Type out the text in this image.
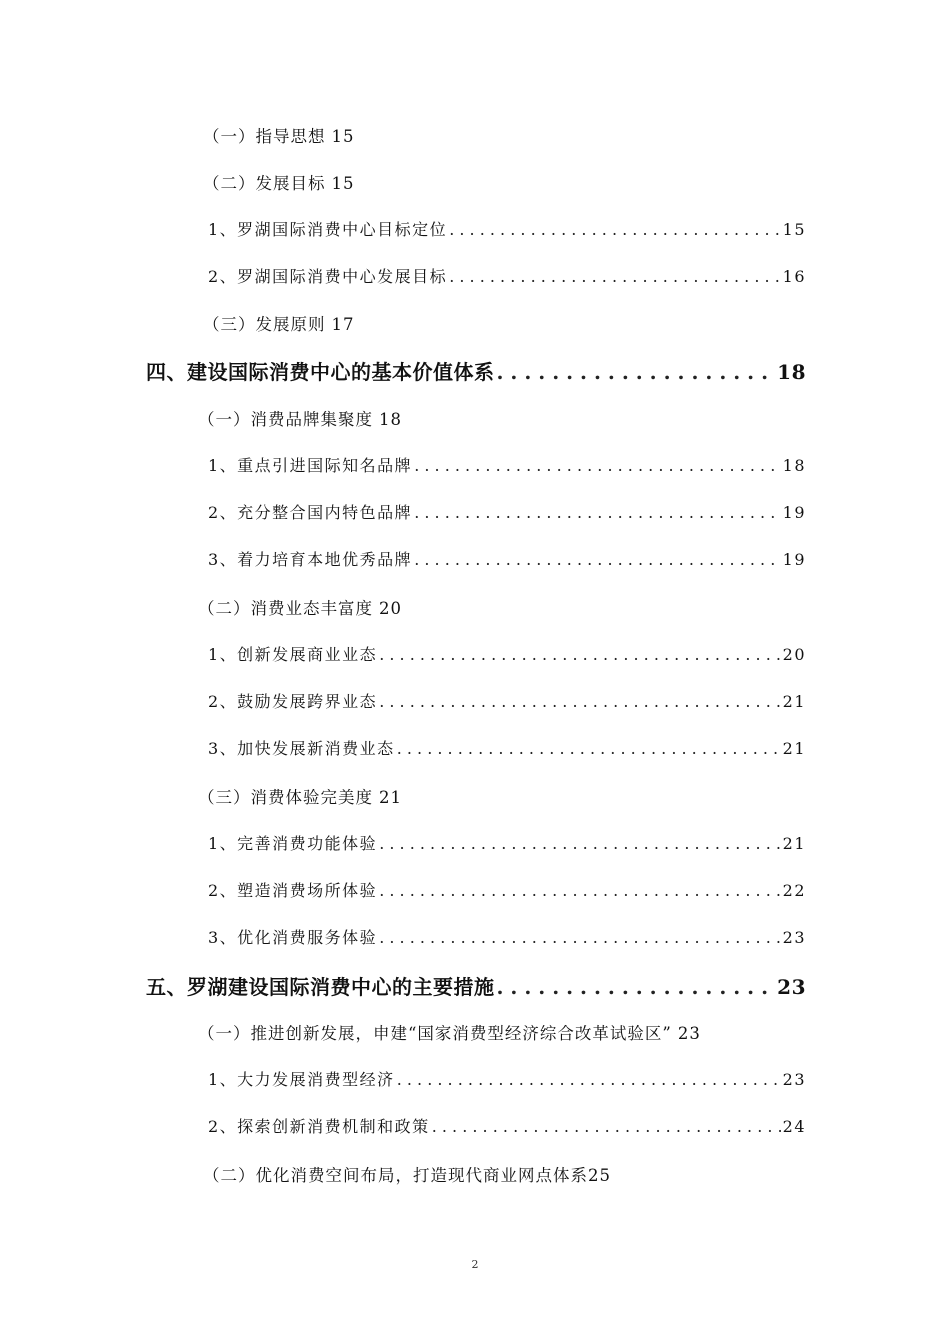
（一）指导思想 15
（二）发展目标 15
1、罗湖国际消费中心目标定位 . . .	15
2、罗湖国际消费中心发展目标 . . .	16
（三）发展原则 17
四、建设国际消费中心的基本价值体系 . . .	18
（一）消费品牌集聚度 18
1、重点引进国际知名品牌 . . .	18
2、充分整合国内特色品牌 . . .	19
3、着力培育本地优秀品牌 . . .	19
（二）消费业态丰富度 20
1、创新发展商业业态 . . .	20
2、鼓励发展跨界业态 . . .	21
3、加快发展新消费业态 . . .	21
（三）消费体验完美度 21
1、完善消费功能体验 . . .	21
2、塑造消费场所体验 . . .	22
3、优化消费服务体验 . . .	23
五、罗湖建设国际消费中心的主要措施 . . .	23
（一）推进创新发展，申建“国家消费型经济综合改革试验区” 23
1、大力发展消费型经济 . . .	23
2、探索创新消费机制和政策 . . .	24
（二）优化消费空间布局，打造现代商业网点体系 25
2
